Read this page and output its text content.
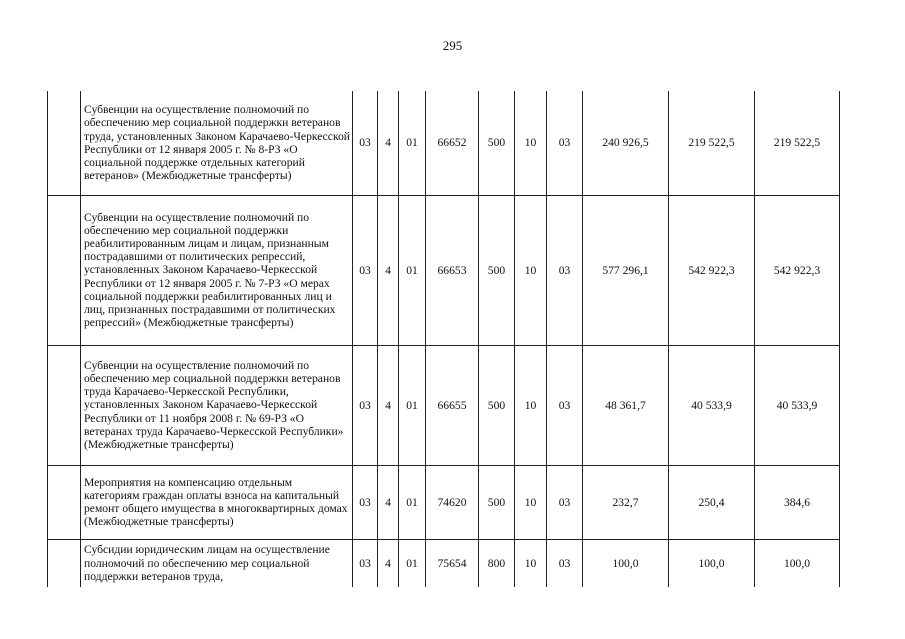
295
	Субвенции на осуществление полномочий по обеспечению мер социальной поддержки ветеранов труда, установленных Законом Карачаево-Черкесской Республики от 12 января 2005 г. № 8-РЗ «О социальной поддержке отдельных категорий ветеранов» (Межбюджетные трансферты)	03	4	01	66652	500	10	03	240 926,5	219 522,5	219 522,5
	Субвенции на осуществление полномочий по обеспечению мер социальной поддержки реабилитированным лицам и лицам, признанным пострадавшими от политических репрессий, установленных Законом Карачаево-Черкесской Республики от 12 января 2005 г. № 7-РЗ «О мерах социальной поддержки реабилитированных лиц и лиц, признанных пострадавшими от политических репрессий» (Межбюджетные трансферты)	03	4	01	66653	500	10	03	577 296,1	542 922,3	542 922,3
	Субвенции на осуществление полномочий по обеспечению мер социальной поддержки ветеранов труда Карачаево-Черкесской Республики, установленных Законом Карачаево-Черкесской Республики от 11 ноября 2008 г. № 69-РЗ «О ветеранах труда Карачаево-Черкесской Республики» (Межбюджетные трансферты)	03	4	01	66655	500	10	03	48 361,7	40 533,9	40 533,9
	Мероприятия на компенсацию отдельным категориям граждан оплаты взноса на капитальный ремонт общего имущества в многоквартирных домах (Межбюджетные трансферты)	03	4	01	74620	500	10	03	232,7	250,4	384,6
	Субсидии юридическим лицам на осуществление полномочий по обеспечению мер социальной поддержки ветеранов труда,	03	4	01	75654	800	10	03	100,0	100,0	100,0
